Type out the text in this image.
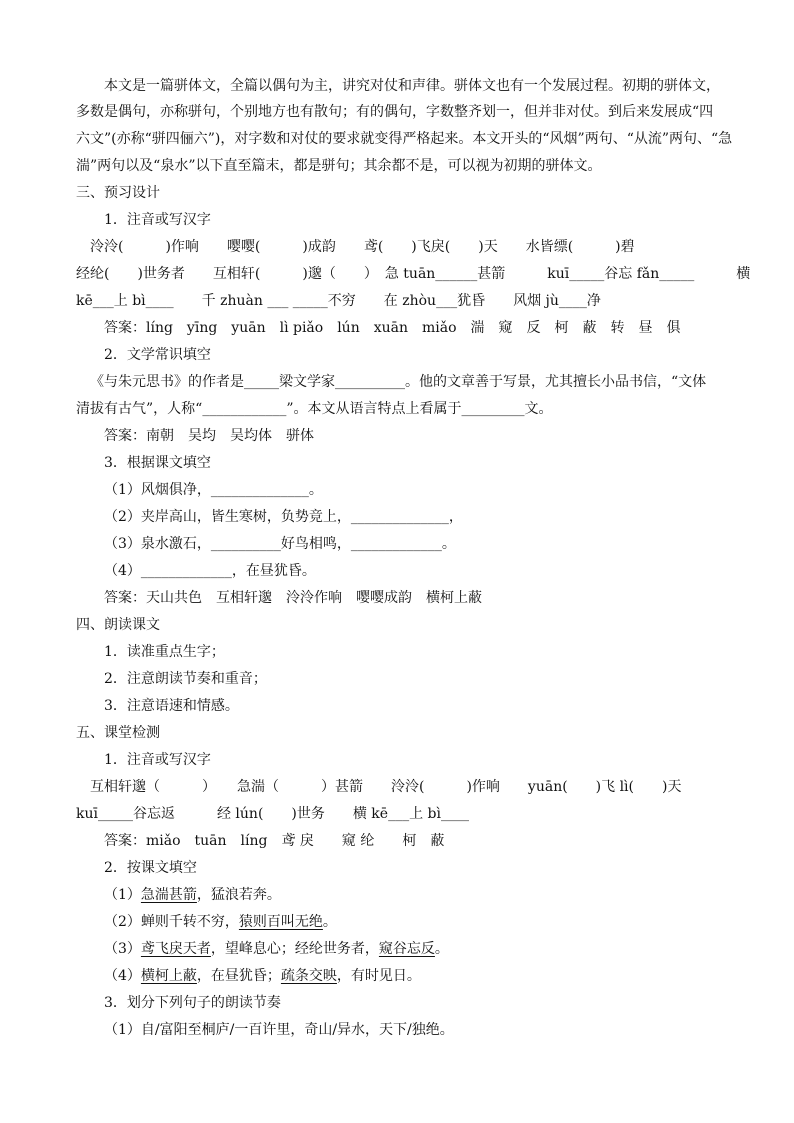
本文是一篇骈体文，全篇以偶句为主，讲究对仗和声律。骈体文也有一个发展过程。初期的骈体文，
多数是偶句，亦称骈句，个别地方也有散句；有的偶句，字数整齐划一，但并非对仗。到后来发展成“四
六文”(亦称“骈四俪六”)，对字数和对仗的要求就变得严格起来。本文开头的“风烟”两句、“从流”两句、“急
湍”两句以及“泉水”以下直至篇末，都是骈句；其余都不是，可以视为初期的骈体文。
三、预习设计
1．注音或写汉字
泠泠(　　　)作响　　嘤嘤(　　　)成韵　　鸢(　　)飞戾(　　)天　　水皆缥(　　　)碧
经纶(　　)世务者　　互相轩(　　　)邈（　　）　急 tuān______甚箭　　　kuī_____谷忘 fǎn_____　　　横
kē___上 bì____　　千 zhuàn ___ _____不穷　　在 zhòu___犹昏　　风烟 jù____净
答案：líng　yīng　yuān　lì piǎo　lún　xuān　miǎo　湍　窥　反　柯　蔽　转　昼　俱
2．文学常识填空
《与朱元思书》的作者是_____梁文学家__________。他的文章善于写景，尤其擅长小品书信，“文体
清拔有古气”，人称“____________”。本文从语言特点上看属于_________文。
答案：南朝　吴均　吴均体　骈体
3．根据课文填空
（1）风烟俱净，______________。
（2）夹岸高山，皆生寒树，负势竞上，______________，
（3）泉水激石，__________好鸟相鸣，_____________。
（4）_____________，在昼犹昏。
答案：天山共色　互相轩邈　泠泠作响　嘤嘤成韵　横柯上蔽
四、朗读课文
1．读准重点生字；
2．注意朗读节奏和重音；
3．注意语速和情感。
五、课堂检测
1．注音或写汉字
互相轩邈（　　　）　　急湍（　　　）甚箭　　泠泠(　　　)作响　　yuān(　　)飞 lì(　　)天
kuī_____谷忘返　　　经 lún(　　)世务　　横 kē___上 bì____
答案：miǎo　tuān　líng　鸢 戾　　窥 纶　　柯　蔽
2．按课文填空
（1）急湍甚箭，猛浪若奔。
（2）蝉则千转不穷，猿则百叫无绝。
（3）鸢飞戾天者，望峰息心；经纶世务者，窥谷忘反。
（4）横柯上蔽，在昼犹昏；疏条交映，有时见日。
3．划分下列句子的朗读节奏
（1）自/富阳至桐庐/一百许里，奇山/异水，天下/独绝。
